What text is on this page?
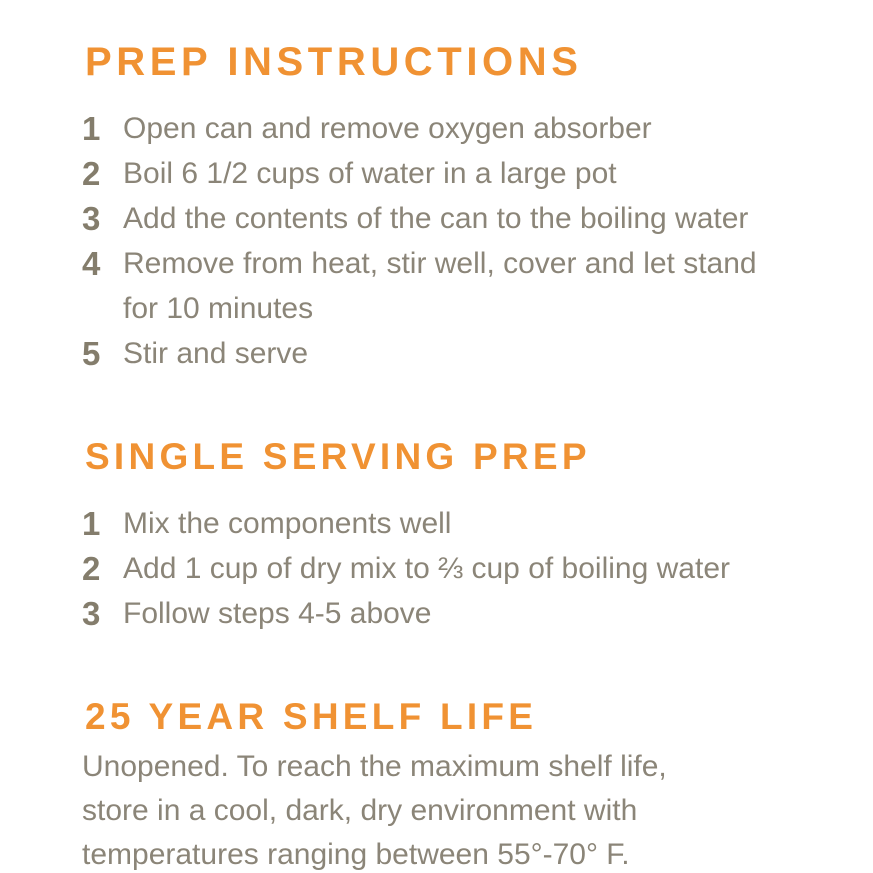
PREP INSTRUCTIONS
1 Open can and remove oxygen absorber
2 Boil 6 1/2 cups of water in a large pot
3 Add the contents of the can to the boiling water
4 Remove from heat, stir well, cover and let stand
for 10 minutes
5 Stir and serve
SINGLE SERVING PREP
1 Mix the components well
2 Add 1 cup of dry mix to ⅔ cup of boiling water
3 Follow steps 4-5 above
25 YEAR SHELF LIFE

Unopened. To reach the maximum shelf life,
store in a cool, dark, dry environment with
temperatures ranging between 55°-70° F.
